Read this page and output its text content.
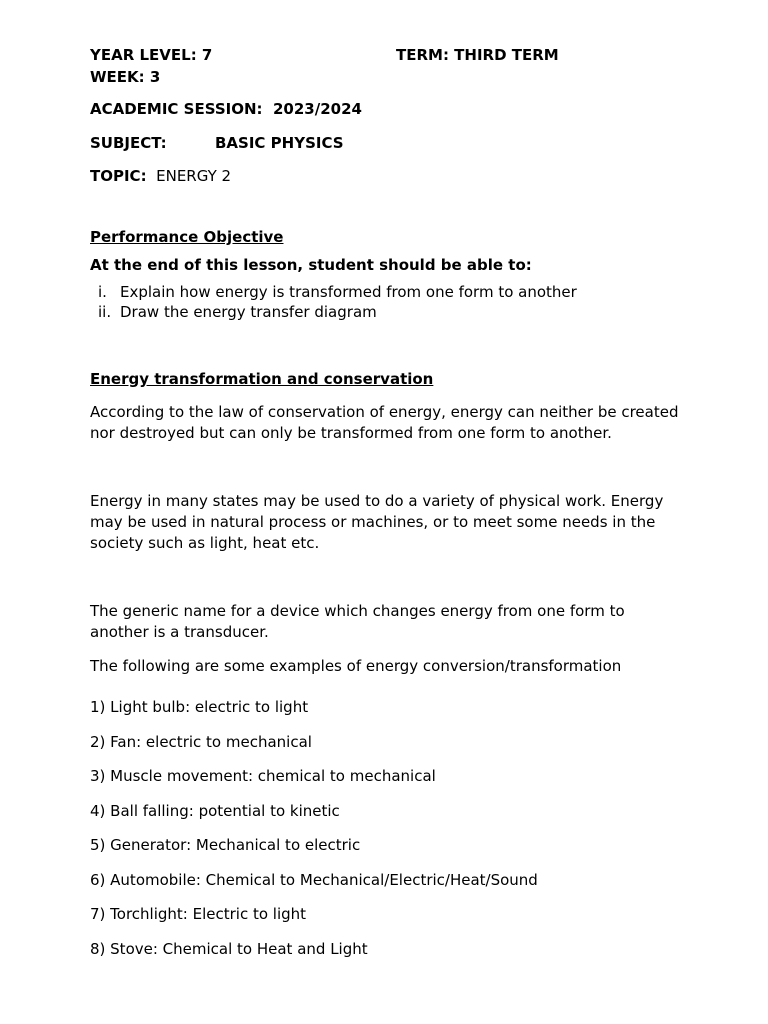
YEAR LEVEL: 7	TERM: THIRD TERM
WEEK: 3
ACADEMIC SESSION: 2023/2024
SUBJECT:	BASIC PHYSICS
TOPIC: ENERGY 2
Performance Objective
At the end of this lesson, student should be able to:
i. Explain how energy is transformed from one form to another
ii. Draw the energy transfer diagram
Energy transformation and conservation

According to the law of conservation of energy, energy can neither be created nor destroyed but can only be transformed from one form to another.

Energy in many states may be used to do a variety of physical work. Energy may be used in natural process or machines, or to meet some needs in the society such as light, heat etc.

The generic name for a device which changes energy from one form to another is a transducer.

The following are some examples of energy conversion/transformation

1) Light bulb: electric to light
2) Fan: electric to mechanical
3) Muscle movement: chemical to mechanical
4) Ball falling: potential to kinetic
5) Generator: Mechanical to electric
6) Automobile: Chemical to Mechanical/Electric/Heat/Sound
7) Torchlight: Electric to light
8) Stove: Chemical to Heat and Light
